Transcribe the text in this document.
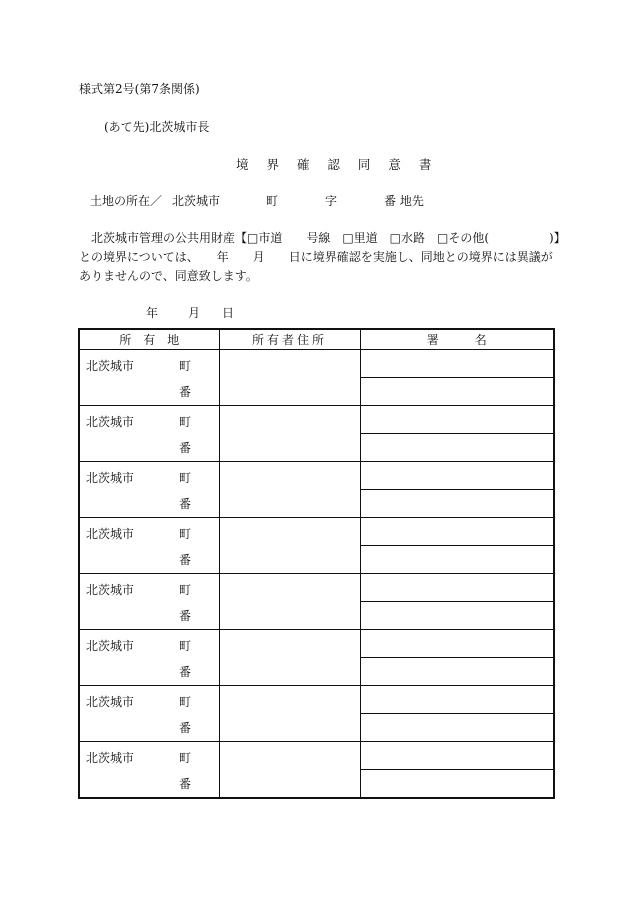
様式第2号(第7条関係)
(あて先)北茨城市長
境 界 確 認 同 意 書
土地の所在／ 北茨城市	町	字	番 地先
北茨城市管理の公共用財産【□市道　　号線　□里道　□水路　□その他(　　　　　)】
との境界については、　　年　　月　　日に境界確認を実施し、同地との境界には異議が
ありませんので、同意致します。
年 月 日
所　有　地	所有者住所	署　　　名

北茨城市 町
番		

北茨城市 町
番		

北茨城市 町
番		

北茨城市 町
番		

北茨城市 町
番		

北茨城市 町
番		

北茨城市 町
番		

北茨城市 町
番		
